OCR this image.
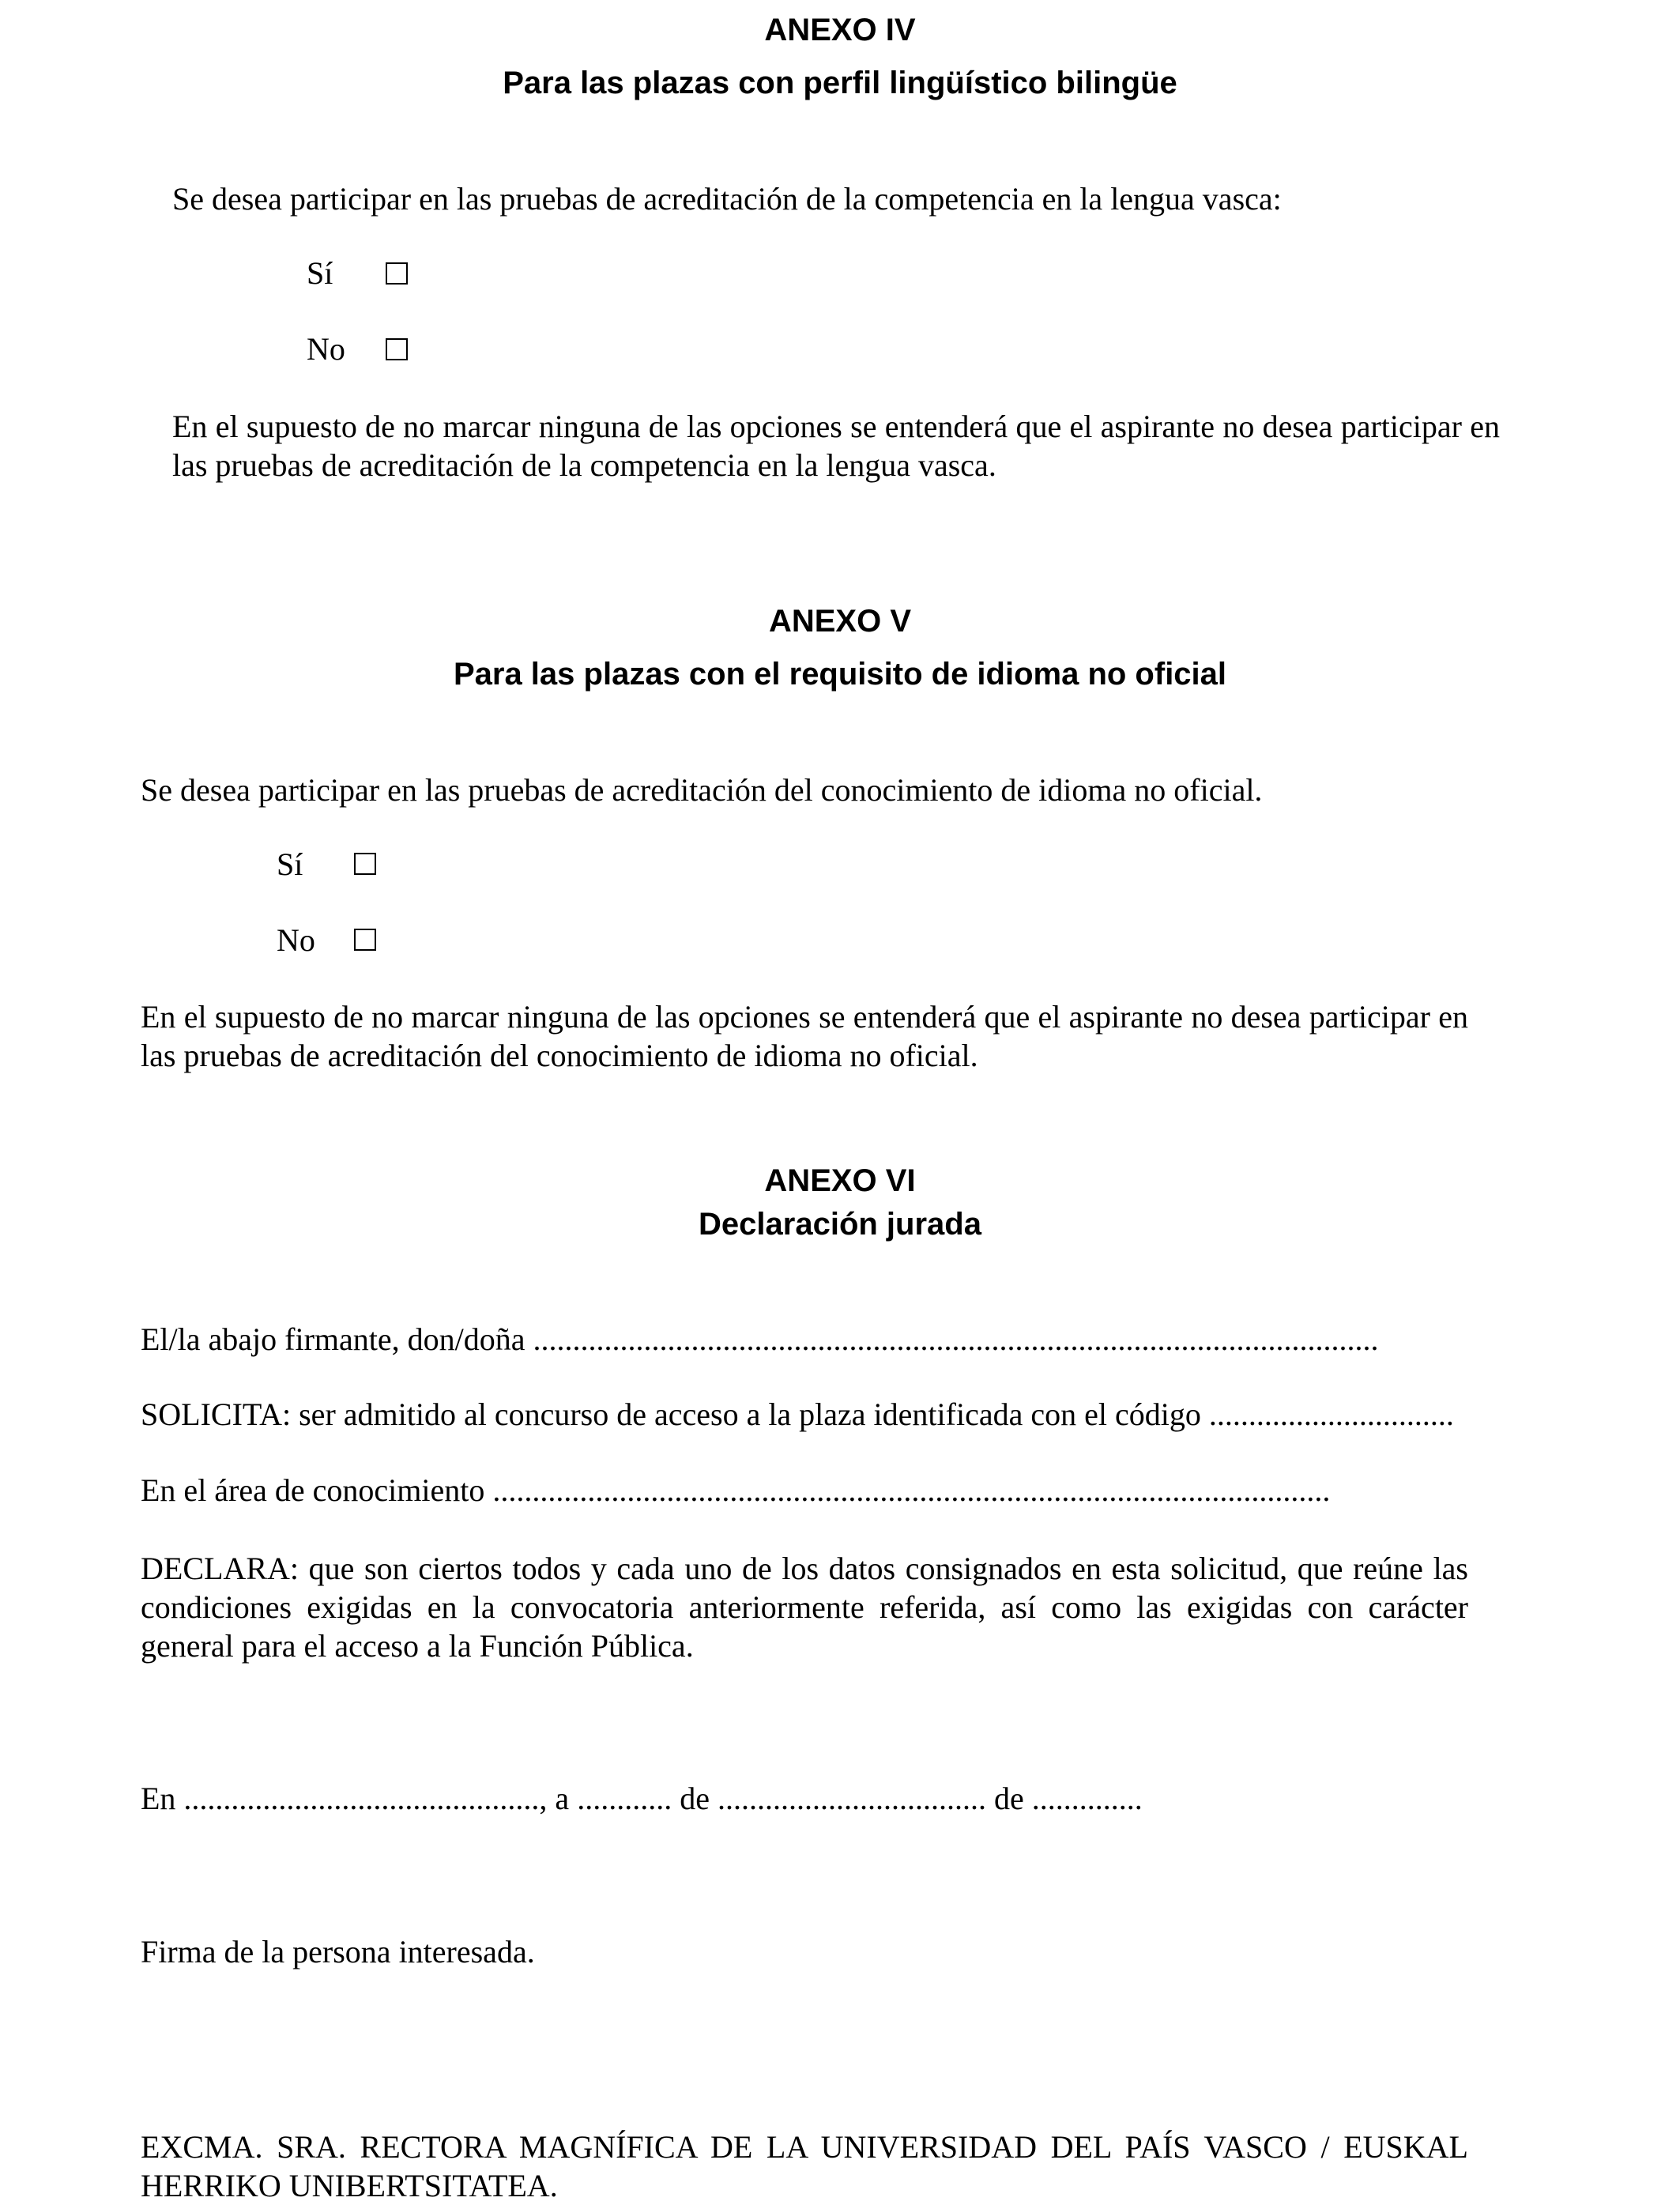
ANEXO IV
Para las plazas con perfil lingüístico bilingüe

Se desea participar en las pruebas de acreditación de la competencia en la lengua vasca:

Sí
No

En el supuesto de no marcar ninguna de las opciones se entenderá que el aspirante no desea participar en las pruebas de acreditación de la competencia en la lengua vasca.

ANEXO V
Para las plazas con el requisito de idioma no oficial

Se desea participar en las pruebas de acreditación del conocimiento de idioma no oficial.

Sí
No

En el supuesto de no marcar ninguna de las opciones se entenderá que el aspirante no desea participar en las pruebas de acreditación del conocimiento de idioma no oficial.

ANEXO VI
Declaración jurada

El/la abajo firmante, don/doña ...........................................................................................................

SOLICITA: ser admitido al concurso de acceso a la plaza identificada con el código ...............................

En el área de conocimiento ..........................................................................................................

DECLARA: que son ciertos todos y cada uno de los datos consignados en esta solicitud, que reúne las condiciones exigidas en la convocatoria anteriormente referida, así como las exigidas con carácter general para el acceso a la Función Pública.

En ............................................., a ............ de .................................. de ..............

Firma de la persona interesada.

EXCMA. SRA. RECTORA MAGNÍFICA DE LA UNIVERSIDAD DEL PAÍS VASCO / EUSKAL HERRIKO UNIBERTSITATEA.
